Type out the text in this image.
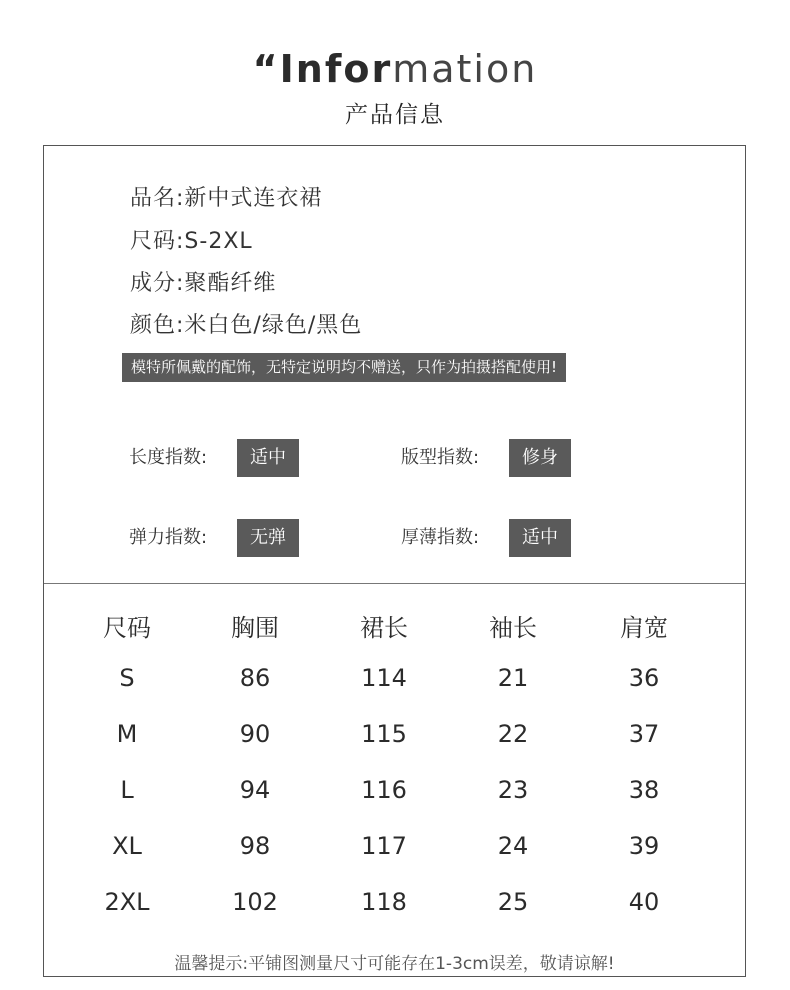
“Information
产品信息
品名:新中式连衣裙
尺码:S-2XL
成分:聚酯纤维
颜色:米白色/绿色/黑色
模特所佩戴的配饰，无特定说明均不赠送，只作为拍摄搭配使用!
长度指数:	适中	版型指数:	修身
弹力指数:	无弹	厚薄指数:	适中
尺码	胸围	裙长	袖长	肩宽
S	86	114	21	36
M	90	115	22	37
L	94	116	23	38
XL	98	117	24	39
2XL	102	118	25	40
温馨提示:平铺图测量尺寸可能存在1-3cm误差，敬请谅解!
